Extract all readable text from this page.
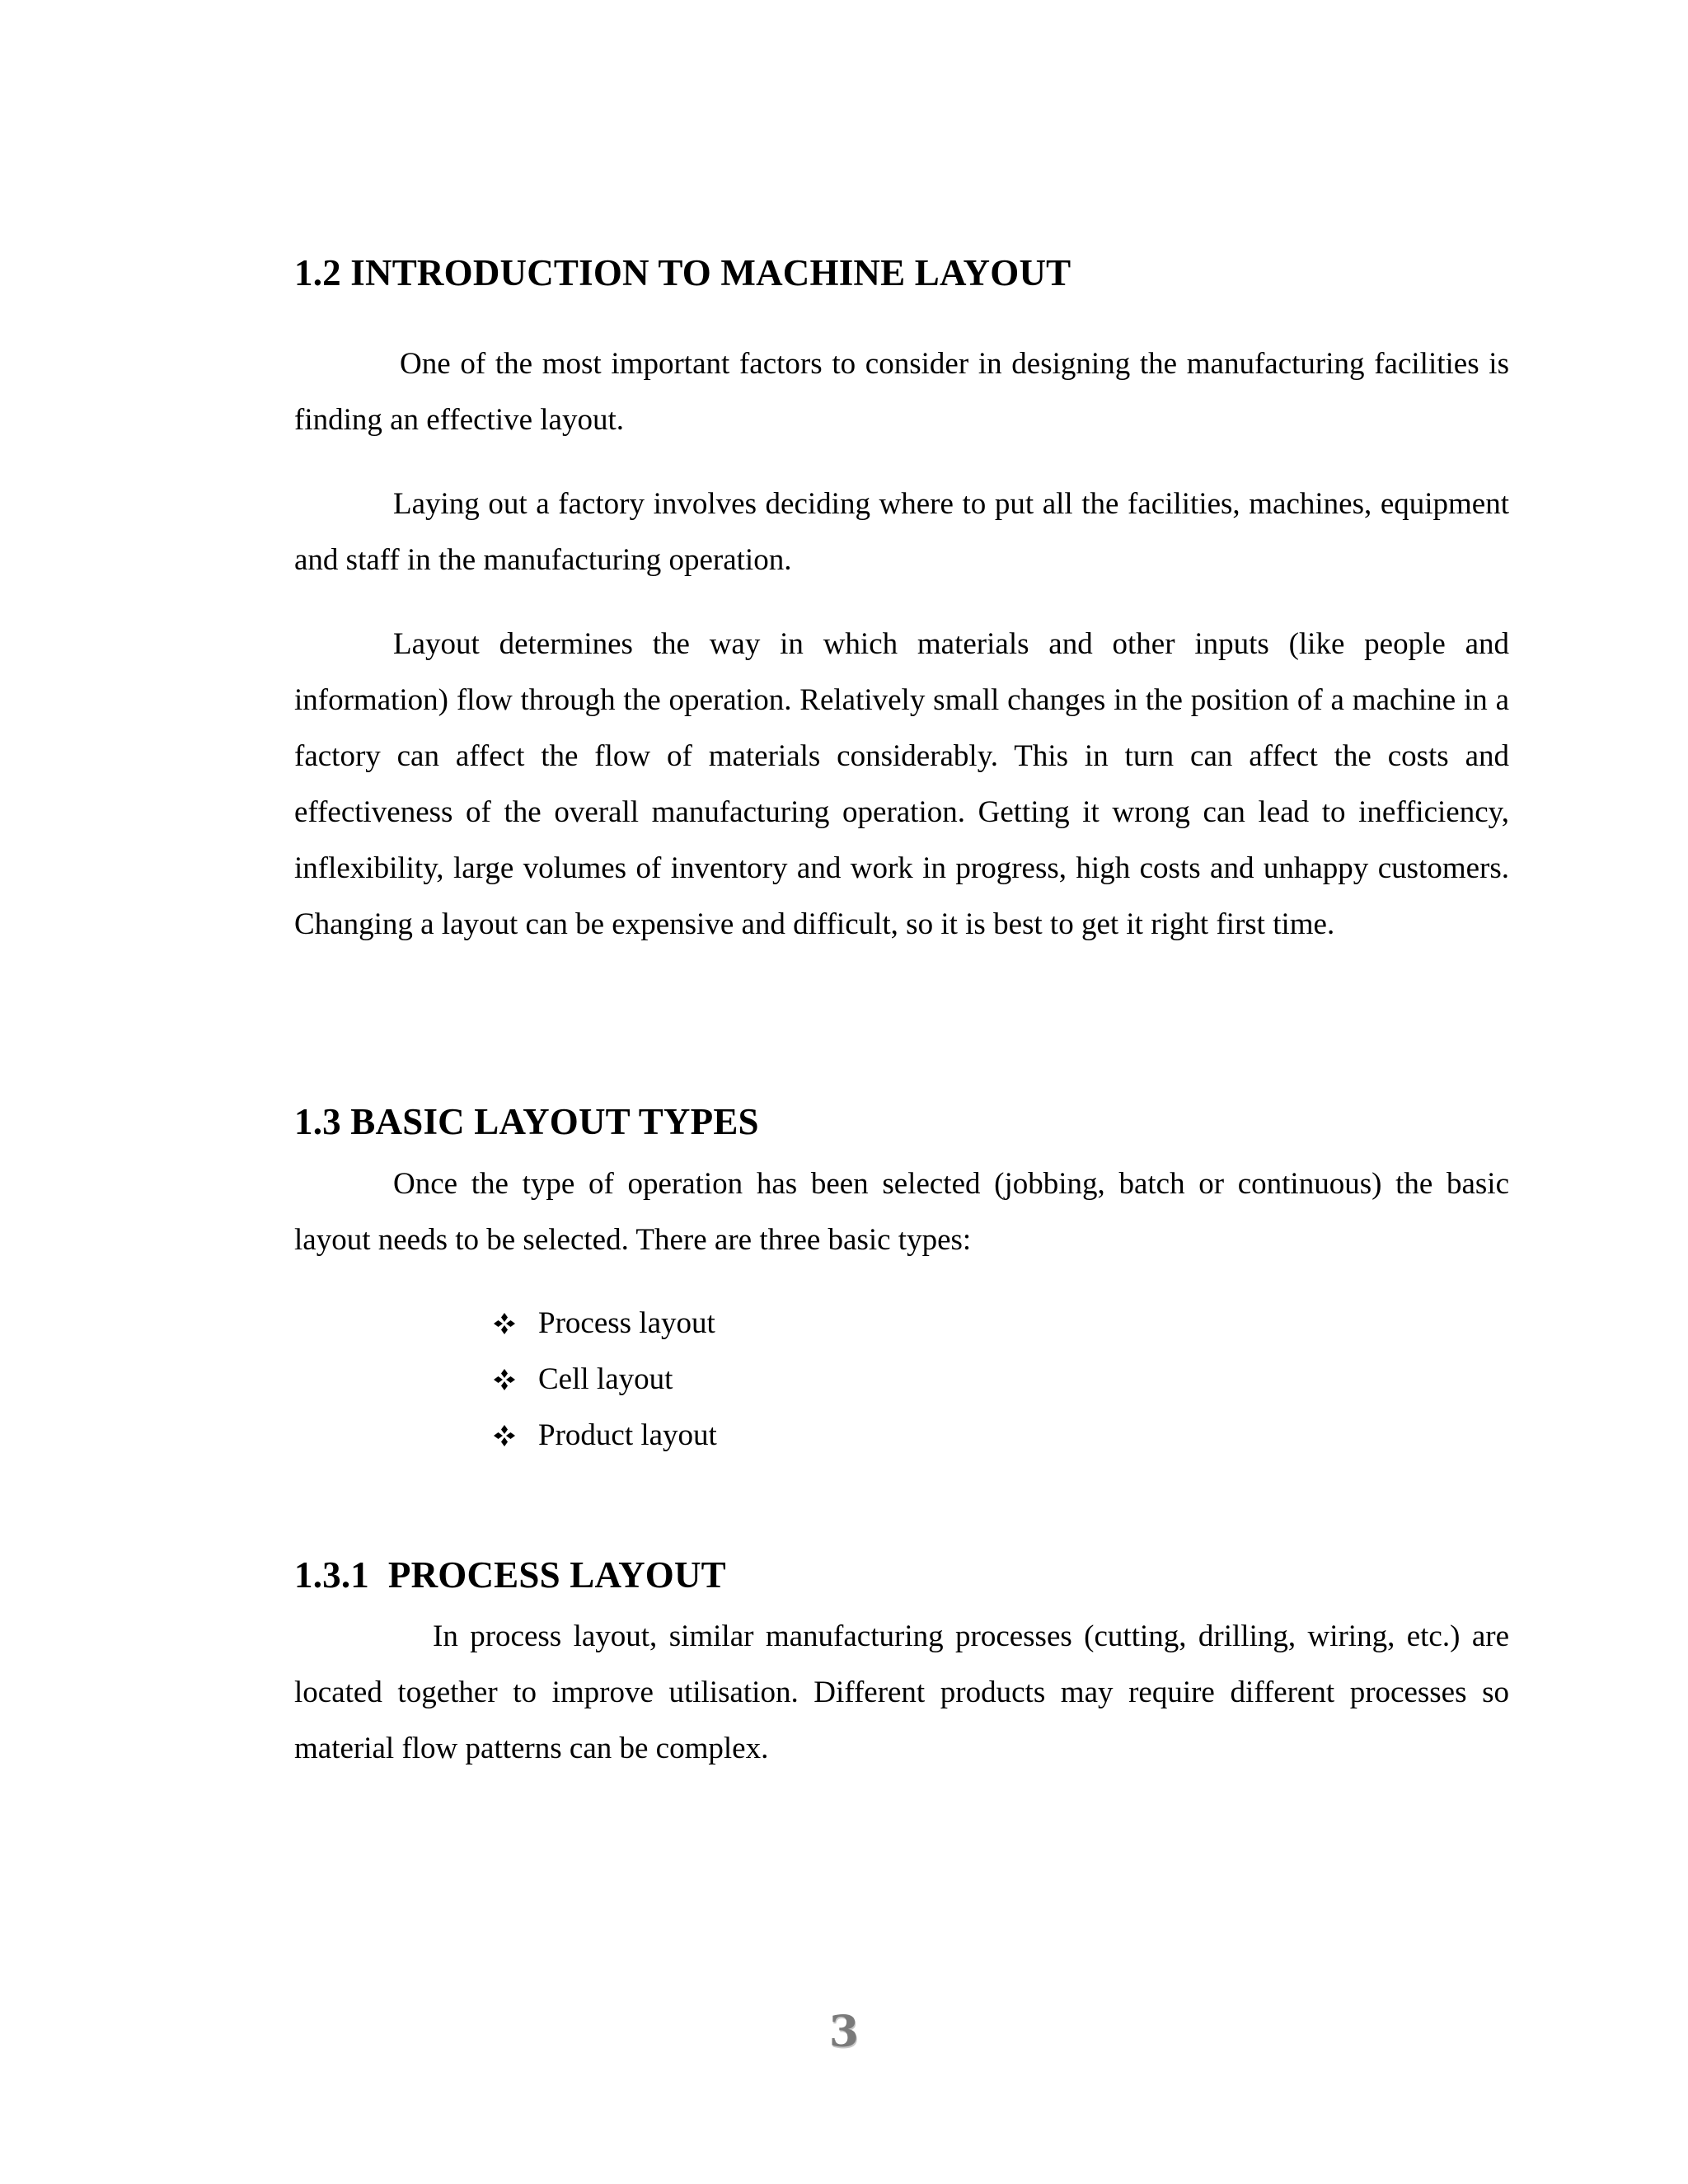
1.2 INTRODUCTION TO MACHINE LAYOUT

One of the most important factors to consider in designing the manufacturing facilities is finding an effective layout.

Laying out a factory involves deciding where to put all the facilities, machines, equipment and staff in the manufacturing operation.

Layout determines the way in which materials and other inputs (like people and information) flow through the operation. Relatively small changes in the position of a machine in a factory can affect the flow of materials considerably. This in turn can affect the costs and effectiveness of the overall manufacturing operation. Getting it wrong can lead to inefficiency, inflexibility, large volumes of inventory and work in progress, high costs and unhappy customers. Changing a layout can be expensive and difficult, so it is best to get it right first time.

1.3 BASIC LAYOUT TYPES

Once the type of operation has been selected (jobbing, batch or continuous) the basic layout needs to be selected. There are three basic types:

Process layout
Cell layout
Product layout
1.3.1  PROCESS LAYOUT

In process layout, similar manufacturing processes (cutting, drilling, wiring, etc.) are located together to improve utilisation. Different products may require different processes so material flow patterns can be complex.

3
